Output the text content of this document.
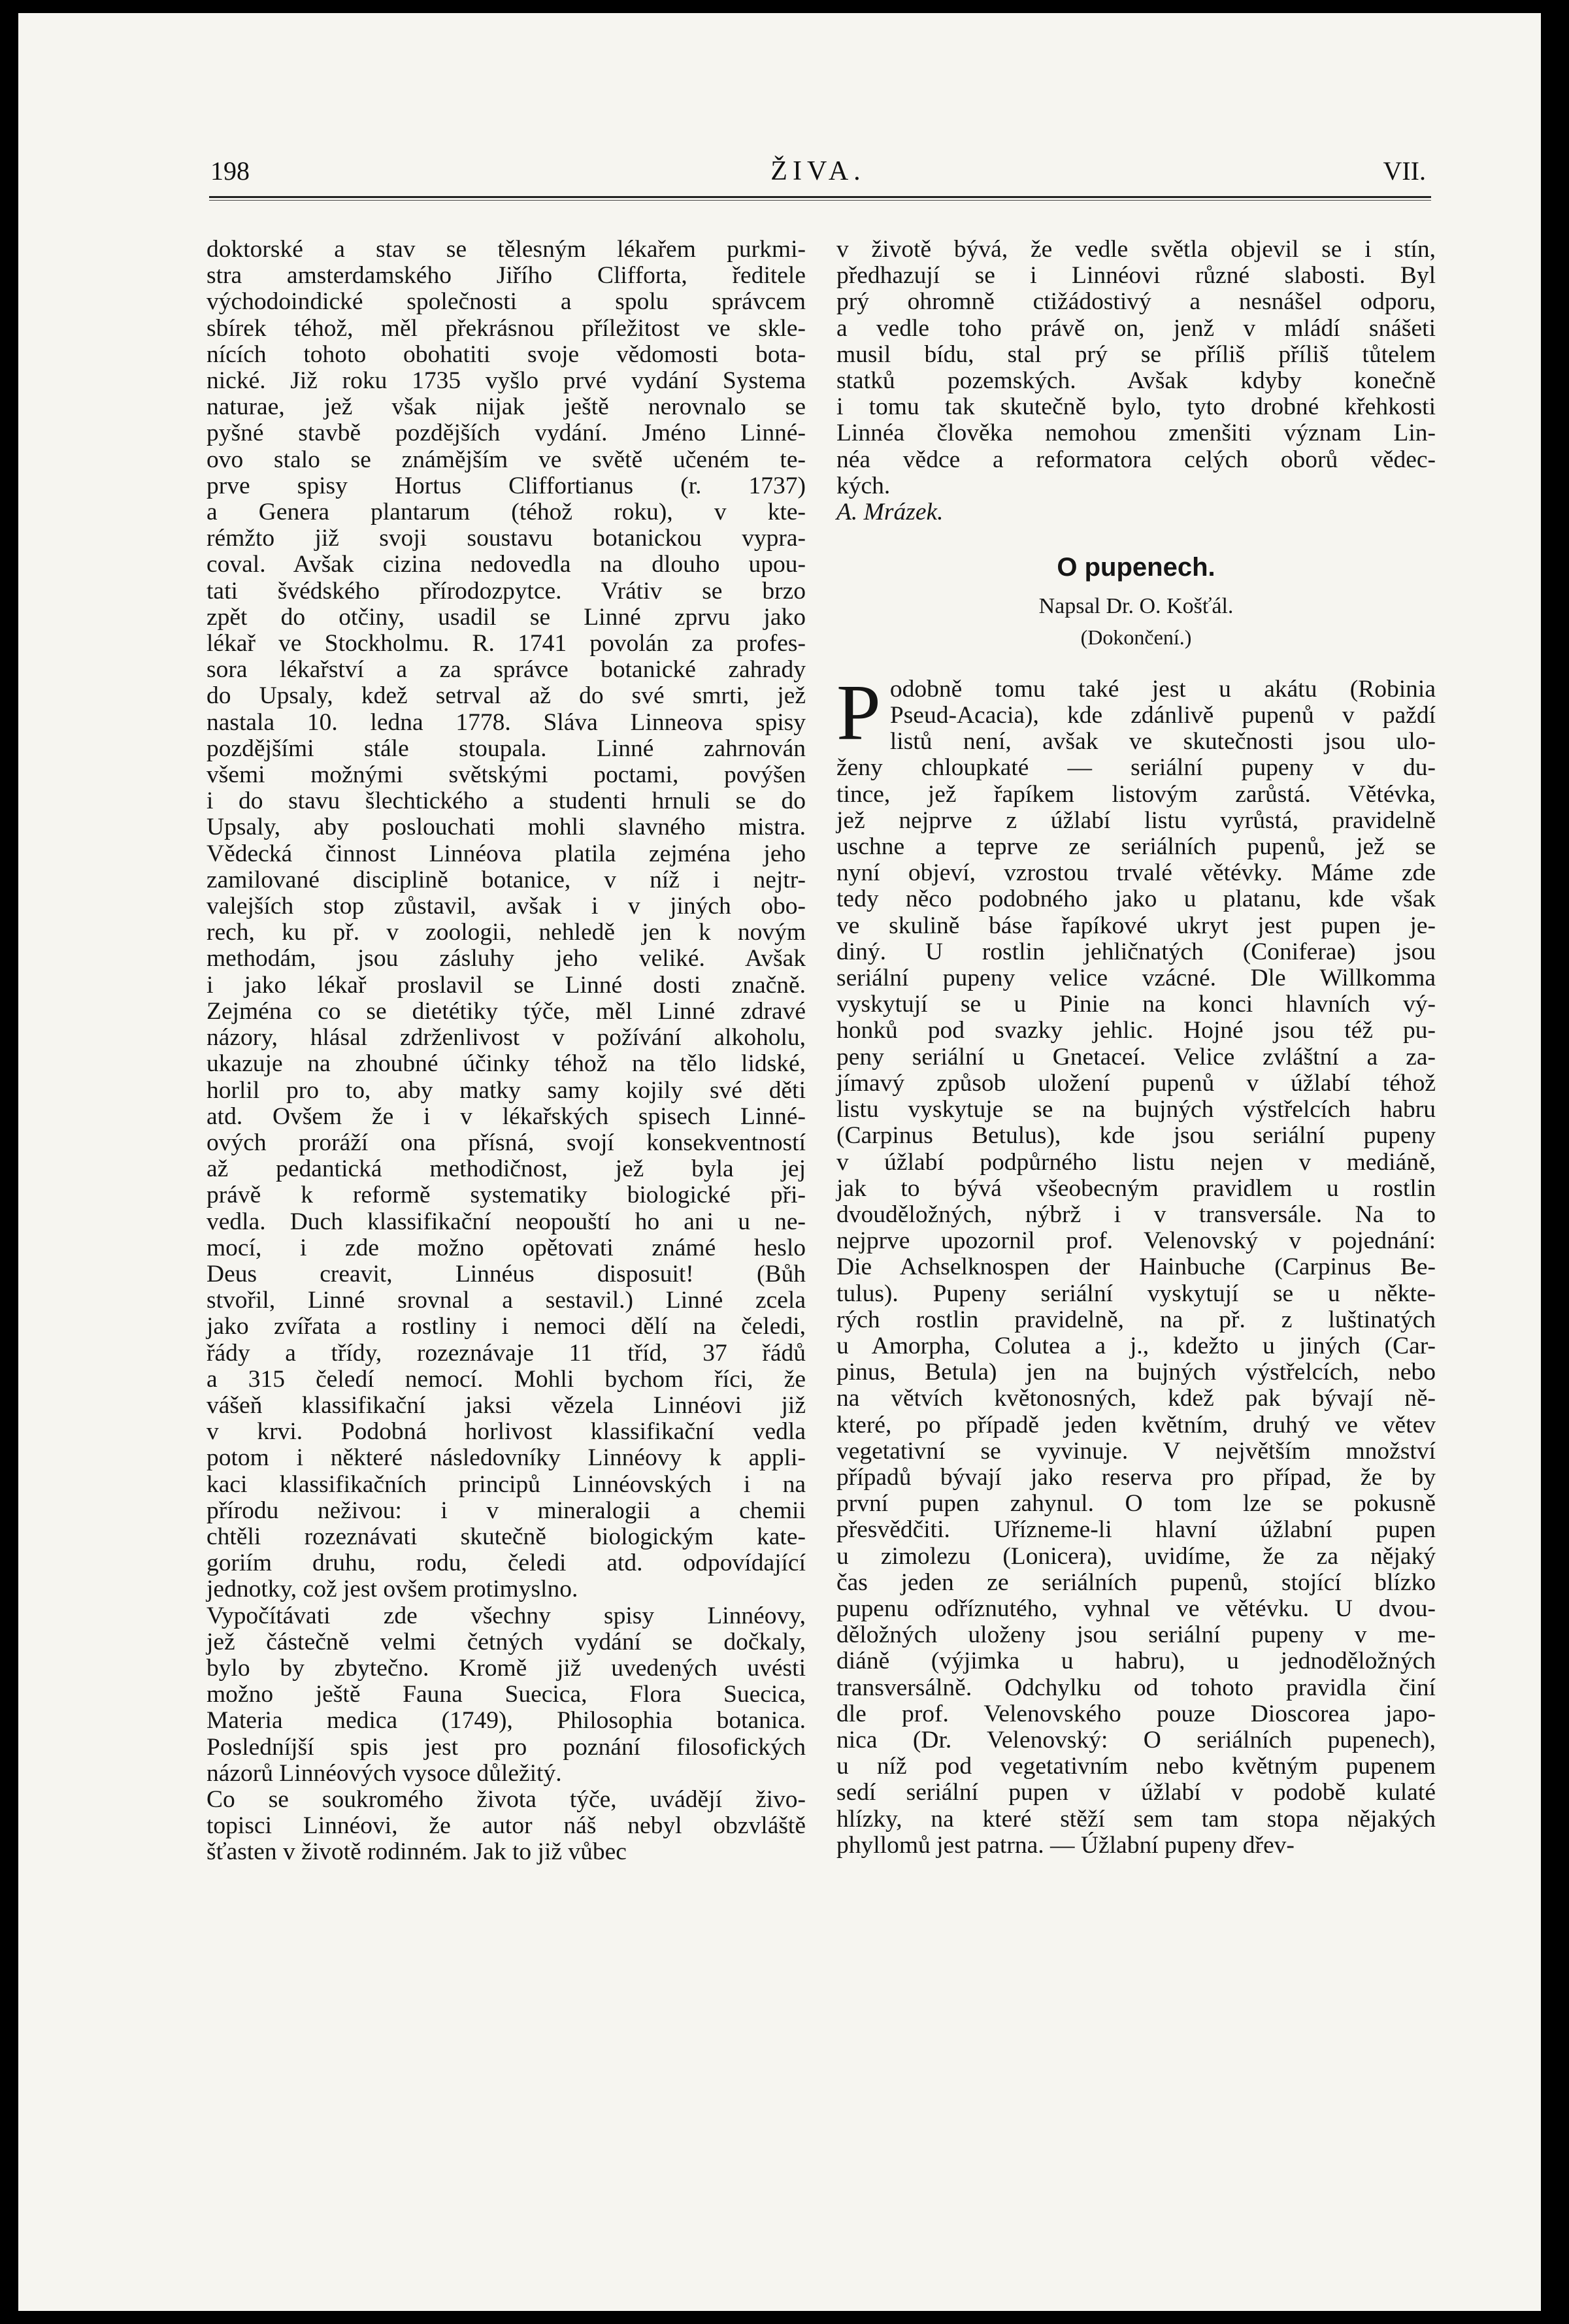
198	ŽIVA.	VII.

doktorské a stav se tělesným lékařem purkmi-

stra amsterdamského Jiřího Clifforta, ředitele

východoindické společnosti a spolu správcem

sbírek téhož, měl překrásnou příležitost ve skle-

nících tohoto obohatiti svoje vědomosti bota-

nické. Již roku 1735 vyšlo prvé vydání Systema

naturae, jež však nijak ještě nerovnalo se

pyšné stavbě pozdějších vydání. Jméno Linné-

ovo stalo se známějším ve světě učeném te-

prve spisy Hortus Cliffortianus (r. 1737)

a Genera plantarum (téhož roku), v kte-

rémžto již svoji soustavu botanickou vypra-

coval. Avšak cizina nedovedla na dlouho upou-

tati švédského přírodozpytce. Vrátiv se brzo

zpět do otčiny, usadil se Linné zprvu jako

lékař ve Stockholmu. R. 1741 povolán za profes-

sora lékařství a za správce botanické zahrady

do Upsaly, kdež setrval až do své smrti, jež

nastala 10. ledna 1778. Sláva Linneova spisy

pozdějšími stále stoupala. Linné zahrnován

všemi možnými světskými poctami, povýšen

i do stavu šlechtického a studenti hrnuli se do

Upsaly, aby poslouchati mohli slavného mistra.

Vědecká činnost Linnéova platila zejména jeho

zamilované disciplině botanice, v níž i nejtr-

valejších stop zůstavil, avšak i v jiných obo-

rech, ku př. v zoologii, nehledě jen k novým

methodám, jsou zásluhy jeho veliké. Avšak

i jako lékař proslavil se Linné dosti značně.

Zejména co se dietétiky týče, měl Linné zdravé

názory, hlásal zdrženlivost v požívání alkoholu,

ukazuje na zhoubné účinky téhož na tělo lidské,

horlil pro to, aby matky samy kojily své děti

atd. Ovšem že i v lékařských spisech Linné-

ových proráží ona přísná, svojí konsekventností

až pedantická methodičnost, jež byla jej

právě k reformě systematiky biologické při-

vedla. Duch klassifikační neopouští ho ani u ne-

mocí, i zde možno opětovati známé heslo

Deus creavit, Linnéus disposuit! (Bůh

stvořil, Linné srovnal a sestavil.) Linné zcela

jako zvířata a rostliny i nemoci dělí na čeledi,

řády a třídy, rozeznávaje 11 tříd, 37 řádů

a 315 čeledí nemocí. Mohli bychom říci, že

vášeň klassifikační jaksi vězela Linnéovi již

v krvi. Podobná horlivost klassifikační vedla

potom i některé následovníky Linnéovy k appli-

kaci klassifikačních principů Linnéovských i na

přírodu neživou: i v mineralogii a chemii

chtěli rozeznávati skutečně biologickým kate-

goriím druhu, rodu, čeledi atd. odpovídající

jednotky, což jest ovšem protimyslno.

Vypočítávati zde všechny spisy Linnéovy,

jež částečně velmi četných vydání se dočkaly,

bylo by zbytečno. Kromě již uvedených uvésti

možno ještě Fauna Suecica, Flora Suecica,

Materia medica (1749), Philosophia botanica.

Posledníjší spis jest pro poznání filosofických

názorů Linnéových vysoce důležitý.

Co se soukromého života týče, uvádějí živo-

topisci Linnéovi, že autor náš nebyl obzvláště

šťasten v životě rodinném. Jak to již vůbec

v životě bývá, že vedle světla objevil se i stín,

předhazují se i Linnéovi různé slabosti. Byl

prý ohromně ctižádostivý a nesnášel odporu,

a vedle toho právě on, jenž v mládí snášeti

musil bídu, stal prý se příliš příliš tůtelem

statků pozemských. Avšak kdyby konečně

i tomu tak skutečně bylo, tyto drobné křehkosti

Linnéa člověka nemohou zmenšiti význam Lin-

néa vědce a reformatora celých oborů vědec-

kých.

A. Mrázek.

O pupenech.
Napsal Dr. O. Košťál.
(Dokončení.)
P odobně tomu také jest u akátu (Robinia

Pseud-Acacia), kde zdánlivě pupenů v paždí

listů není, avšak ve skutečnosti jsou ulo-

ženy chloupkaté — seriální pupeny v du-

tince, jež řapíkem listovým zarůstá. Větévka,

jež nejprve z úžlabí listu vyrůstá, pravidelně

uschne a teprve ze seriálních pupenů, jež se

nyní objeví, vzrostou trvalé větévky. Máme zde

tedy něco podobného jako u platanu, kde však

ve skulině báse řapíkové ukryt jest pupen je-

diný. U rostlin jehličnatých (Coniferae) jsou

seriální pupeny velice vzácné. Dle Willkomma

vyskytují se u Pinie na konci hlavních vý-

honků pod svazky jehlic. Hojné jsou též pu-

peny seriální u Gnetaceí. Velice zvláštní a za-

jímavý způsob uložení pupenů v úžlabí téhož

listu vyskytuje se na bujných výstřelcích habru

(Carpinus Betulus), kde jsou seriální pupeny

v úžlabí podpůrného listu nejen v mediáně,

jak to bývá všeobecným pravidlem u rostlin

dvouděložných, nýbrž i v transversále. Na to

nejprve upozornil prof. Velenovský v pojednání:

Die Achselknospen der Hainbuche (Carpinus Be-

tulus). Pupeny seriální vyskytují se u někte-

rých rostlin pravidelně, na př. z luštinatých

u Amorpha, Colutea a j., kdežto u jiných (Car-

pinus, Betula) jen na bujných výstřelcích, nebo

na větvích květonosných, kdež pak bývají ně-

které, po případě jeden květním, druhý ve větev

vegetativní se vyvinuje. V největším množství

případů bývají jako reserva pro případ, že by

první pupen zahynul. O tom lze se pokusně

přesvědčiti. Uřízneme-li hlavní úžlabní pupen

u zimolezu (Lonicera), uvidíme, že za nějaký

čas jeden ze seriálních pupenů, stojící blízko

pupenu odříznutého, vyhnal ve větévku. U dvou-

děložných uloženy jsou seriální pupeny v me-

diáně (výjimka u habru), u jednoděložných

transversálně. Odchylku od tohoto pravidla činí

dle prof. Velenovského pouze Dioscorea japo-

nica (Dr. Velenovský: O seriálních pupenech),

u níž pod vegetativním nebo květným pupenem

sedí seriální pupen v úžlabí v podobě kulaté

hlízky, na které stěží sem tam stopa nějakých

phyllomů jest patrna. — Úžlabní pupeny dřev-
